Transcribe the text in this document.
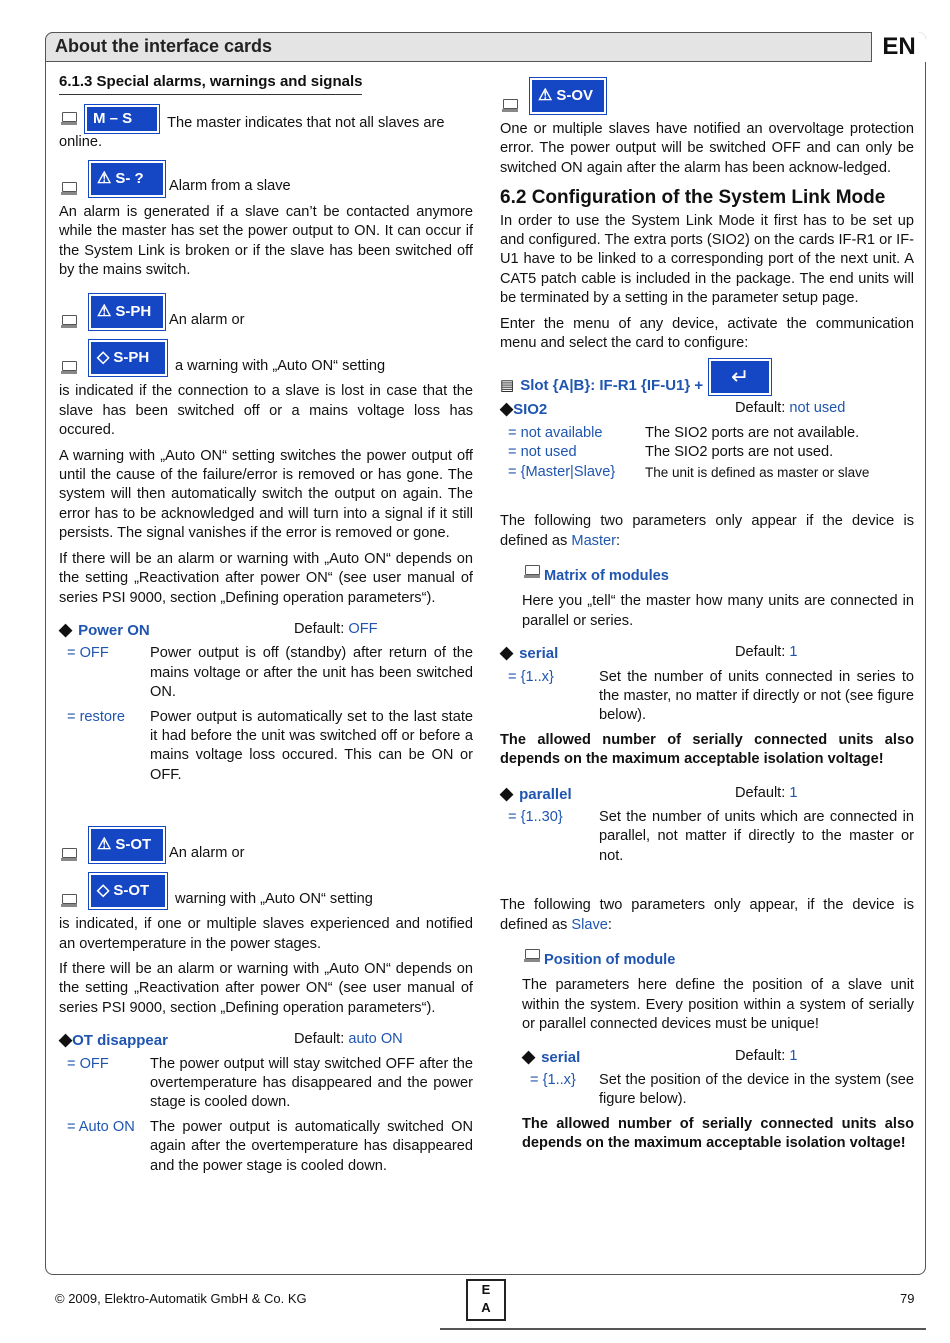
About the interface cards	EN
6.1.3 Special alarms, warnings and signals
M – S The master indicates that not all slaves are online.
⚠ S- ?	Alarm from a slave

An alarm is generated if a slave can’t be contacted anymore while the master has set the power output to ON. It can occur if the System Link is broken or if the slave has been switched off by the mains switch.

⚠ S-PH	An alarm or
◇ S-PH	a warning with „Auto ON“ setting

is indicated if the connection to a slave is lost in case that the slave has been switched off or a mains voltage loss has occured.

A warning with „Auto ON“ setting switches the power output off until the cause of the failure/error is removed or has gone. The system will then automatically switch the output on again. The error has to be acknowledged and will turn into a signal if it still persists. The signal vanishes if the error is removed or gone.

If there will be an alarm or warning with „Auto ON“ depends on the setting „Reactivation after power ON“ (see user manual of series PSI 9000, section „Defining operation parameters“).

◆ Power ON	Default: OFF
= OFF	Power output is off (standby) after return of the mains voltage or after the unit has been switched ON.
= restore	Power output is automatically set to the last state it had before the unit was switched off or before a mains voltage loss occured. This can be ON or OFF.
⚠ S-OT	An alarm or
◇ S-OT	warning with „Auto ON“ setting

is indicated, if one or multiple slaves experienced and notified an overtemperature in the power stages.

If there will be an alarm or warning with „Auto ON“ depends on the setting „Reactivation after power ON“ (see user manual of series PSI 9000, section „Defining operation parameters“).

◆OT disappear	Default: auto ON
= OFF	The power output will stay switched OFF after the overtemperature has disappeared and the power stage is cooled down.
= Auto ON	The power output is automatically switched ON again after the overtemperature has disappeared and the power stage is cooled down.
⚠ S-OV

One or multiple slaves have notified an overvoltage protection error. The power output will be switched OFF and can only be switched ON again after the alarm has been acknow-ledged.

6.2 Configuration of the System Link Mode

In order to use the System Link Mode it first has to be set up and configured. The extra ports (SIO2) on the cards IF-R1 or IF-U1 have to be linked to a corresponding port of the next unit. A CAT5 patch cable is included in the package. The end units will be terminated by a setting in the parameter setup page.

Enter the menu of any device, activate the communication menu and select the card to configure:

▤ Slot {A|B}: IF-R1 {IF-U1} +	↵
◆SIO2	Default: not used
= not available	The SIO2 ports are not available.
= not used	The SIO2 ports are not used.
= {Master|Slave}	The unit is defined as master or slave

The following two parameters only appear if the device is defined as Master:

Matrix of modules

Here you „tell“ the master how many units are connected in parallel or series.

◆ serial	Default: 1
= {1..x}	Set the number of units connected in series to the master, no matter if directly or not (see figure below).

The allowed number of serially connected units also depends on the maximum acceptable isolation voltage!

◆ parallel	Default: 1
= {1..30}	Set the number of units which are connected in parallel, not matter if directly to the master or not.

The following two parameters only appear, if the device is defined as Slave:

Position of module

The parameters here define the position of a slave unit within the system. Every position within a system of serially or parallel connected devices must be unique!

◆ serial	Default: 1
= {1..x}	Set the position of the device in the system (see figure below).

The allowed number of serially connected units also depends on the maximum acceptable isolation voltage!

© 2009, Elektro-Automatik GmbH & Co. KG
E
A
79
